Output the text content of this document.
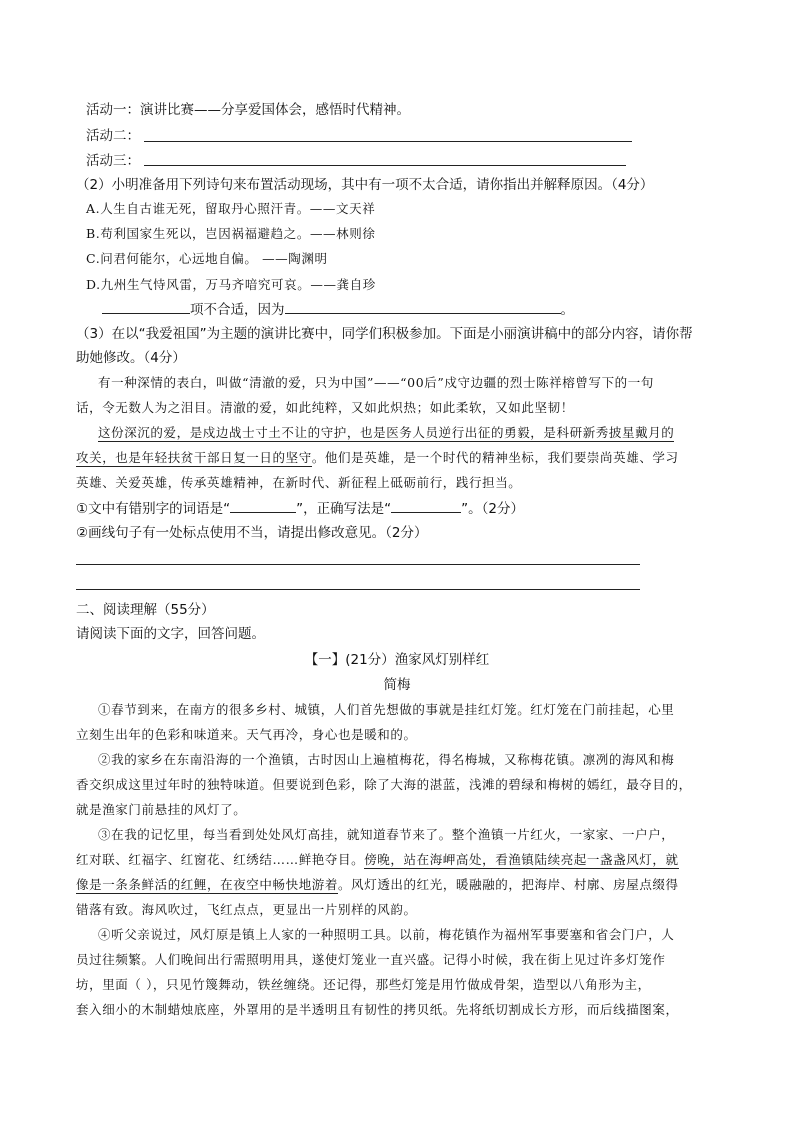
活动一：演讲比赛——分享爱国体会，感悟时代精神。
活动二：
活动三：
（2）小明准备用下列诗句来布置活动现场，其中有一项不太合适，请你指出并解释原因。（4分）
A.人生自古谁无死，留取丹心照汗青。——文天祥
B.苟利国家生死以，岂因祸福避趋之。——林则徐
C.问君何能尔，心远地自偏。 ——陶渊明
D.九州生气恃风雷，万马齐喑究可哀。——龚自珍
项不合适，因为	。
（3）在以“我爱祖国”为主题的演讲比赛中，同学们积极参加。下面是小丽演讲稿中的部分内容，请你帮
助她修改。（4分）
有一种深情的表白，叫做“清澈的爱，只为中国”——“00后”戍守边疆的烈士陈祥榕曾写下的一句
话，令无数人为之泪目。清澈的爱，如此纯粹，又如此炽热；如此柔软，又如此坚韧！
这份深沉的爱，是戍边战士寸土不让的守护，也是医务人员逆行出征的勇毅，是科研新秀披星戴月的
攻关，也是年轻扶贫干部日复一日的坚守。他们是英雄，是一个时代的精神坐标，我们要崇尚英雄、学习
英雄、关爱英雄，传承英雄精神，在新时代、新征程上砥砺前行，践行担当。
①文中有错别字的词语是“	”，正确写法是“	”。（2分）
②画线句子有一处标点使用不当，请提出修改意见。（2分）
二、阅读理解（55分）
请阅读下面的文字，回答问题。
【一】(21分）渔家风灯别样红
简梅
①春节到来，在南方的很多乡村、城镇，人们首先想做的事就是挂红灯笼。红灯笼在门前挂起，心里
立刻生出年的色彩和味道来。天气再冷，身心也是暖和的。
②我的家乡在东南沿海的一个渔镇，古时因山上遍植梅花，得名梅城，又称梅花镇。凛冽的海风和梅
香交织成这里过年时的独特味道。但要说到色彩，除了大海的湛蓝，浅滩的碧绿和梅树的嫣红，最夺目的，
就是渔家门前悬挂的风灯了。
③在我的记忆里，每当看到处处风灯高挂，就知道春节来了。整个渔镇一片红火，一家家、一户户，
红对联、红福字、红窗花、红绣结……鲜艳夺目。傍晚，站在海岬高处，看渔镇陆续亮起一盏盏风灯，就
像是一条条鲜活的红鲤，在夜空中畅快地游着。风灯透出的红光，暖融融的，把海岸、村廓、房屋点缀得
错落有致。海风吹过，飞红点点，更显出一片别样的风韵。
④听父亲说过，风灯原是镇上人家的一种照明工具。以前，梅花镇作为福州军事要塞和省会门户，人
员过往频繁。人们晚间出行需照明用具，遂使灯笼业一直兴盛。记得小时候，我在街上见过许多灯笼作
坊，里面（ ），只见竹篾舞动，铁丝缠绕。还记得，那些灯笼是用竹做成骨架，造型以八角形为主，
套入细小的木制蜡烛底座，外罩用的是半透明且有韧性的拷贝纸。先将纸切割成长方形，而后线描图案，
